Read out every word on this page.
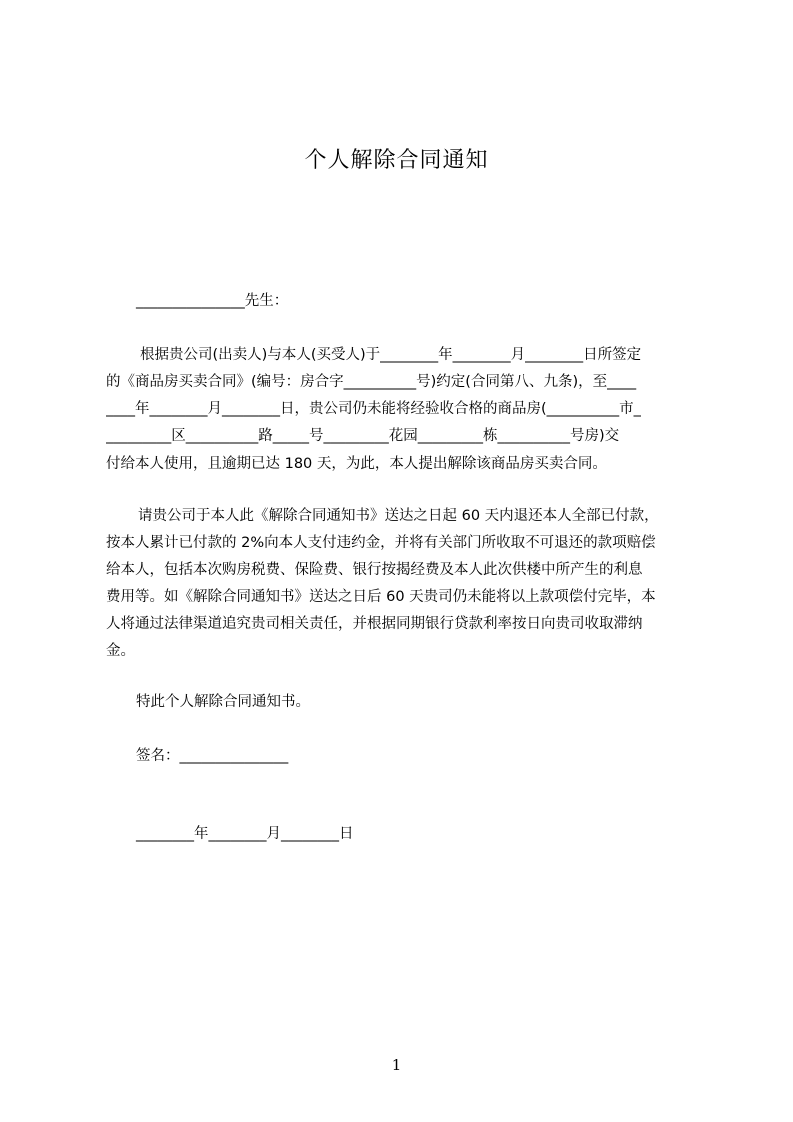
个人解除合同通知
_______________先生：
根据贵公司(出卖人)与本人(买受人)于________年________月________日所签定
的《商品房买卖合同》(编号：房合字__________号)约定(合同第八、九条)，至____
____年________月________日，贵公司仍未能将经验收合格的商品房(__________市_
_________区__________路_____号_________花园_________栋__________号房)交
付给本人使用，且逾期已达 180 天，为此，本人提出解除该商品房买卖合同。
请贵公司于本人此《解除合同通知书》送达之日起 60 天内退还本人全部已付款，
按本人累计已付款的 2%向本人支付违约金，并将有关部门所收取不可退还的款项赔偿
给本人，包括本次购房税费、保险费、银行按揭经费及本人此次供楼中所产生的利息
费用等。如《解除合同通知书》送达之日后 60 天贵司仍未能将以上款项偿付完毕，本
人将通过法律渠道追究贵司相关责任，并根据同期银行贷款利率按日向贵司收取滞纳
金。
特此个人解除合同通知书。
签名：_______________
________年________月________日
1
